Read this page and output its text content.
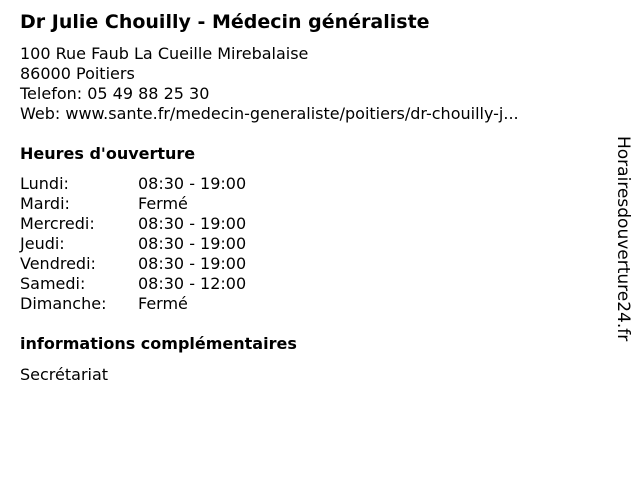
Dr Julie Chouilly - Médecin généraliste
100 Rue Faub La Cueille Mirebalaise
86000 Poitiers
Telefon: 05 49 88 25 30
Web: www.sante.fr/medecin-generaliste/poitiers/dr-chouilly-j...
Heures d'ouverture
Lundi:	08:30 - 19:00
Mardi:	Fermé
Mercredi:	08:30 - 19:00
Jeudi:	08:30 - 19:00
Vendredi:	08:30 - 19:00
Samedi:	08:30 - 12:00
Dimanche:	Fermé
informations complémentaires
Secrétariat
Horairesdouverture24.fr
